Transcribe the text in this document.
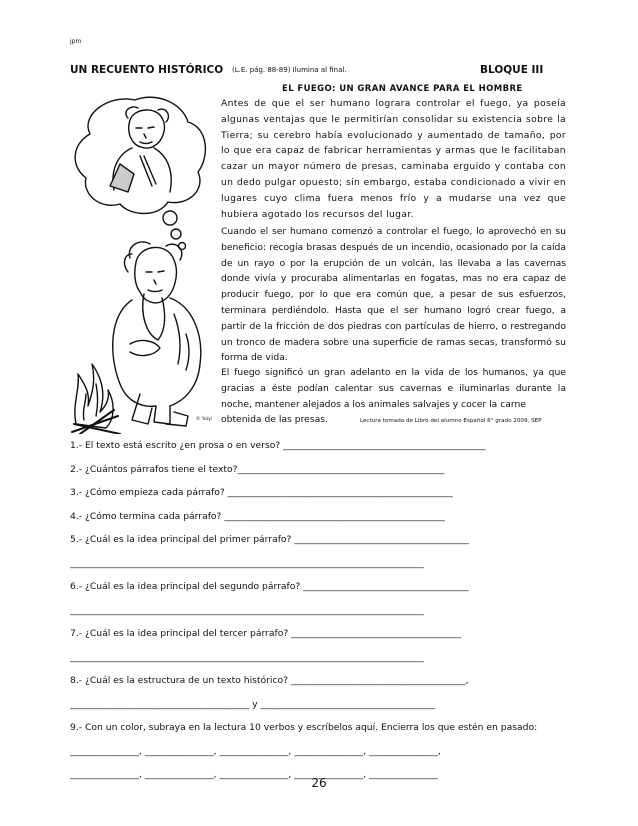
jpm
UN RECUENTO HISTÓRICO (L.E. pág. 88-89) Ilumina al final.	BLOQUE III
EL FUEGO: UN GRAN AVANCE PARA EL HOMBRE
Antes de que el ser humano lograra controlar el fuego, ya poseía algunas ventajas que le permitirían consolidar su existencia sobre la Tierra; su cerebro había evolucionado y aumentado de tamaño, por lo que era capaz de fabricar herramientas y armas que le facilitaban cazar un mayor número de presas, caminaba erguido y contaba con un dedo pulgar opuesto; sin embargo, estaba condicionado a vivir en lugares cuyo clima fuera menos frío y a mudarse una vez que hubiera agotado los recursos del lugar.
Cuando el ser humano comenzó a controlar el fuego, lo aprovechó en su beneficio: recogía brasas después de un incendio, ocasionado por la caída de un rayo o por la erupción de un volcán, las llevaba a las cavernas donde vivía y procuraba alimentarlas en fogatas, mas no era capaz de producir fuego, por lo que era común que, a pesar de sus esfuerzos, terminara perdiéndolo. Hasta que el ser humano logró crear fuego, a partir de la fricción de dos piedras con partículas de hierro, o restregando un tronco de madera sobre una superficie de ramas secas, transformó su forma de vida.
El fuego significó un gran adelanto en la vida de los humanos, ya que gracias a éste podían calentar sus cavernas e iluminarlas durante la noche, mantener alejados a los animales salvajes y cocer la carne
obtenida de las presas.	Lectura tomada de Libro del alumno Español 6° grado 2009, SEP
© Yoiyi
1.- El texto está escrito ¿en prosa o en verso? ____________________________________________
2.- ¿Cuántos párrafos tiene el texto?_____________________________________________
3.- ¿Cómo empieza cada párrafo? _________________________________________________
4.- ¿Cómo termina cada párrafo? ________________________________________________
5.- ¿Cuál es la idea principal del primer párrafo? ______________________________________
_____________________________________________________________________________
6.- ¿Cuál es la idea principal del segundo párrafo? ____________________________________
_____________________________________________________________________________
7.- ¿Cuál es la idea principal del tercer párrafo? _____________________________________
_____________________________________________________________________________
8.- ¿Cuál es la estructura de un texto histórico? ______________________________________,
_______________________________________ y ______________________________________
9.- Con un color, subraya en la lectura 10 verbos y escríbelos aquí. Encierra los que estén en pasado:
_______________, _______________, _______________, _______________, _______________,
_______________, _______________, _______________, _______________, _______________
26
